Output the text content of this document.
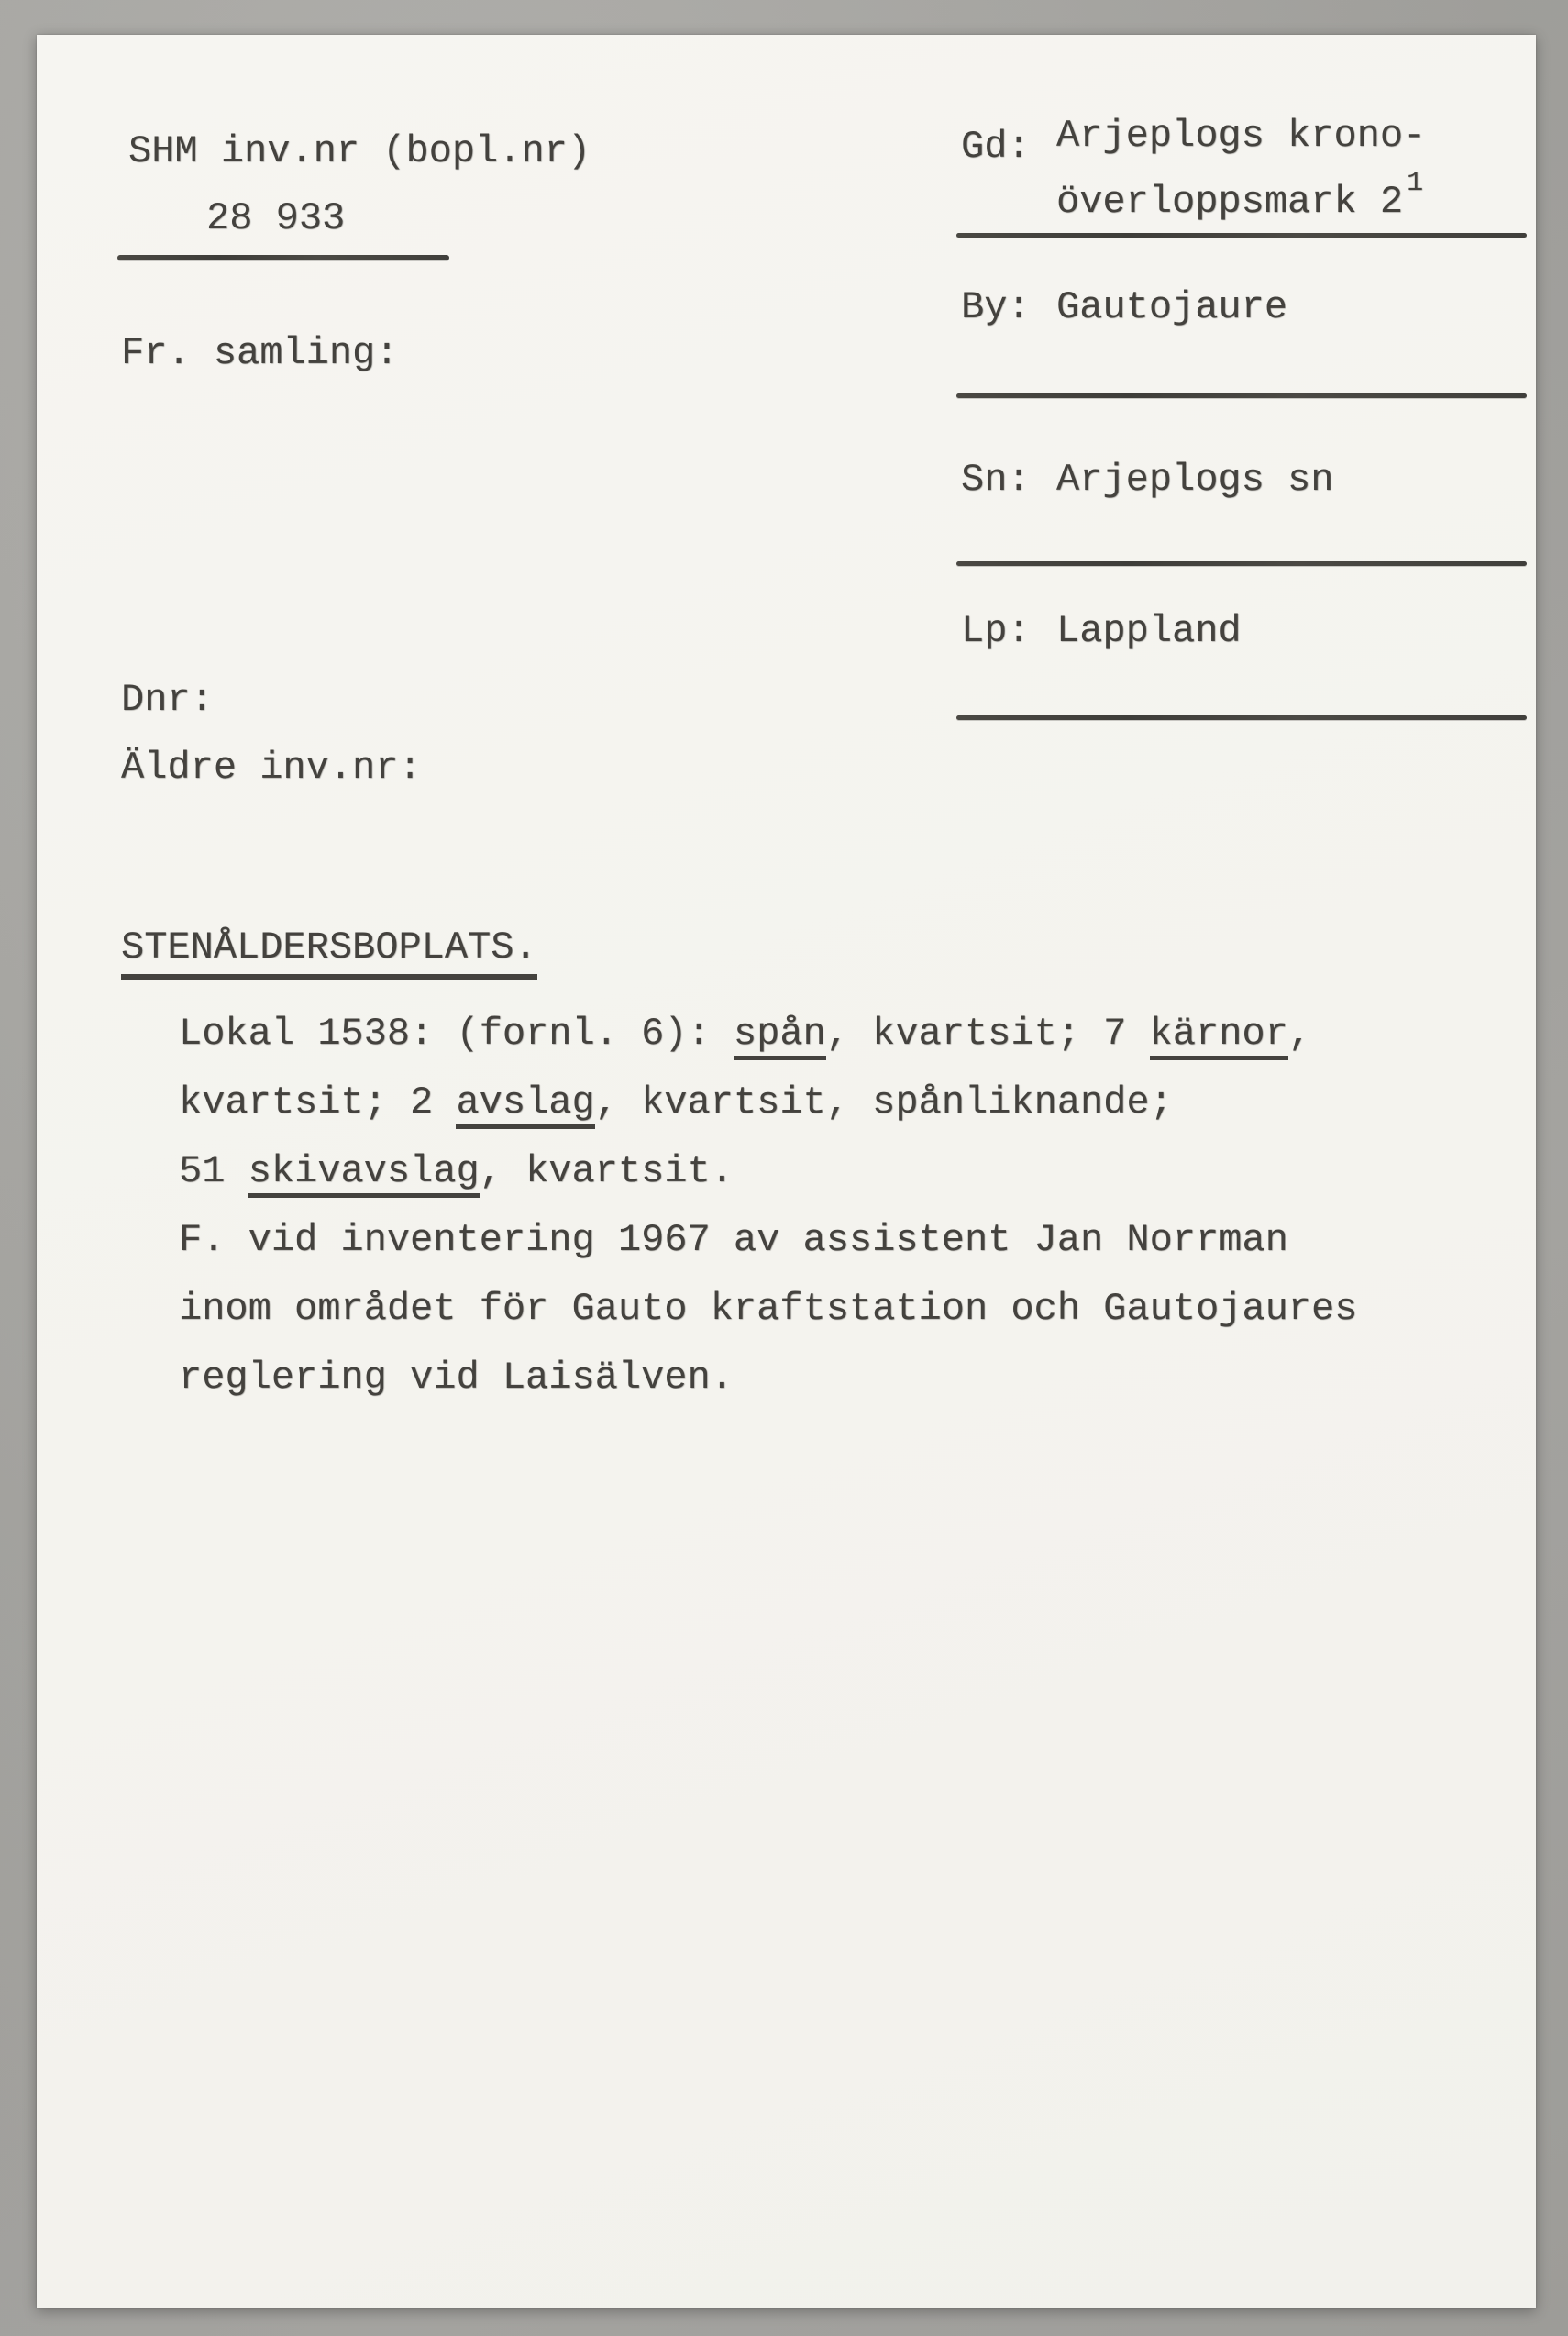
SHM inv.nr (bopl.nr)
28 933
Fr. samling:
Dnr:
Äldre inv.nr:
Gd: Arjeplogs krono-
överloppsmark 2 $^1$
By: Gautojaure
Sn: Arjeplogs sn
Lp: Lappland
STENÅLDERSBOPLATS.
Lokal 1538: (fornl. 6): spån, kvartsit; 7 kärnor,
kvartsit; 2 avslag, kvartsit, spånliknande;
51 skivavslag, kvartsit.
F. vid inventering 1967 av assistent Jan Norrman
inom området för Gauto kraftstation och Gautojaures
reglering vid Laisälven.
